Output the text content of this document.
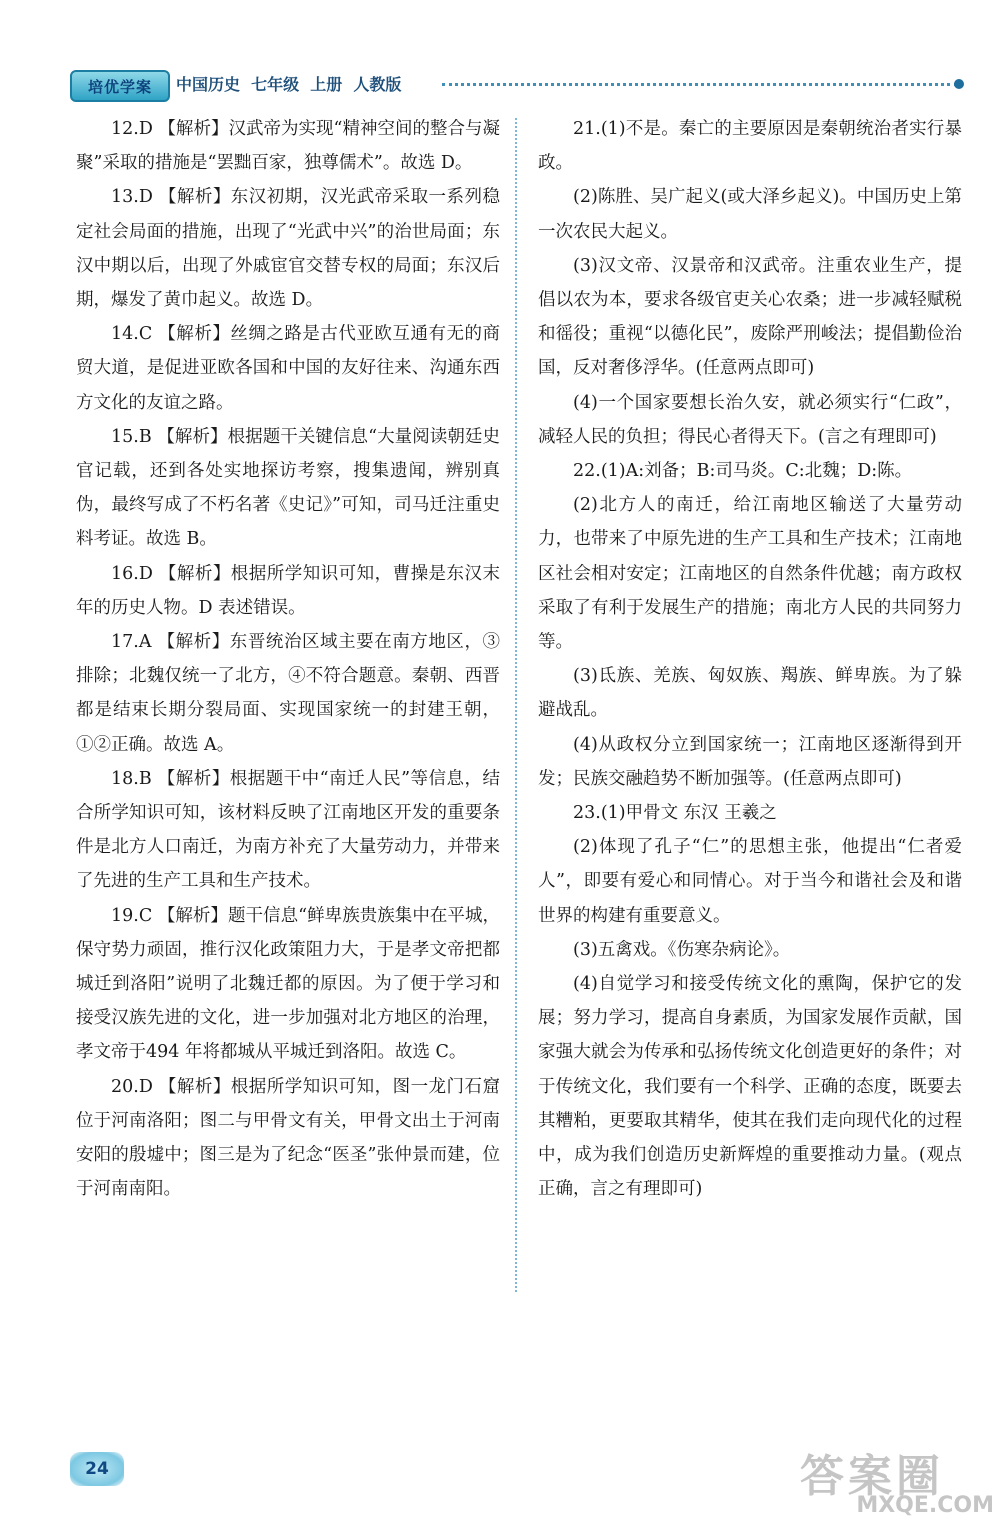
培优学案	中国历史  七年级  上册  人教版

12.D 【解析】汉武帝为实现“精神空间的整合与凝聚”采取的措施是“罢黜百家，独尊儒术”。故选 D。

13.D 【解析】东汉初期，汉光武帝采取一系列稳定社会局面的措施，出现了“光武中兴”的治世局面；东汉中期以后，出现了外戚宦官交替专权的局面；东汉后期，爆发了黄巾起义。故选 D。

14.C 【解析】丝绸之路是古代亚欧互通有无的商贸大道，是促进亚欧各国和中国的友好往来、沟通东西方文化的友谊之路。

15.B 【解析】根据题干关键信息“大量阅读朝廷史官记载，还到各处实地探访考察，搜集遗闻，辨别真伪，最终写成了不朽名著《史记》”可知，司马迁注重史料考证。故选 B。

16.D 【解析】根据所学知识可知，曹操是东汉末年的历史人物。D 表述错误。

17.A 【解析】东晋统治区域主要在南方地区，③排除；北魏仅统一了北方，④不符合题意。秦朝、西晋都是结束长期分裂局面、实现国家统一的封建王朝，①②正确。故选 A。

18.B 【解析】根据题干中“南迁人民”等信息，结合所学知识可知，该材料反映了江南地区开发的重要条件是北方人口南迁，为南方补充了大量劳动力，并带来了先进的生产工具和生产技术。

19.C 【解析】题干信息“鲜卑族贵族集中在平城，保守势力顽固，推行汉化政策阻力大，于是孝文帝把都城迁到洛阳”说明了北魏迁都的原因。为了便于学习和接受汉族先进的文化，进一步加强对北方地区的治理，孝文帝于494 年将都城从平城迁到洛阳。故选 C。

20.D 【解析】根据所学知识可知，图一龙门石窟位于河南洛阳；图二与甲骨文有关，甲骨文出土于河南安阳的殷墟中；图三是为了纪念“医圣”张仲景而建，位于河南南阳。

21.(1)不是。秦亡的主要原因是秦朝统治者实行暴政。

(2)陈胜、吴广起义(或大泽乡起义)。中国历史上第一次农民大起义。

(3)汉文帝、汉景帝和汉武帝。注重农业生产，提倡以农为本，要求各级官吏关心农桑；进一步减轻赋税和徭役；重视“以德化民”，废除严刑峻法；提倡勤俭治国，反对奢侈浮华。(任意两点即可)

(4)一个国家要想长治久安，就必须实行“仁政”，减轻人民的负担；得民心者得天下。(言之有理即可)

22.(1)A:刘备；B:司马炎。C:北魏；D:陈。

(2)北方人的南迁，给江南地区输送了大量劳动力，也带来了中原先进的生产工具和生产技术；江南地区社会相对安定；江南地区的自然条件优越；南方政权采取了有利于发展生产的措施；南北方人民的共同努力等。

(3)氐族、羌族、匈奴族、羯族、鲜卑族。为了躲避战乱。

(4)从政权分立到国家统一；江南地区逐渐得到开发；民族交融趋势不断加强等。(任意两点即可)

23.(1)甲骨文 东汉 王羲之

(2)体现了孔子“仁”的思想主张，他提出“仁者爱人”，即要有爱心和同情心。对于当今和谐社会及和谐世界的构建有重要意义。

(3)五禽戏。《伤寒杂病论》。

(4)自觉学习和接受传统文化的熏陶，保护它的发展；努力学习，提高自身素质，为国家发展作贡献，国家强大就会为传承和弘扬传统文化创造更好的条件；对于传统文化，我们要有一个科学、正确的态度，既要去其糟粕，更要取其精华，使其在我们走向现代化的过程中，成为我们创造历史新辉煌的重要推动力量。(观点正确，言之有理即可)

24	答案圈
MXQE.COM
